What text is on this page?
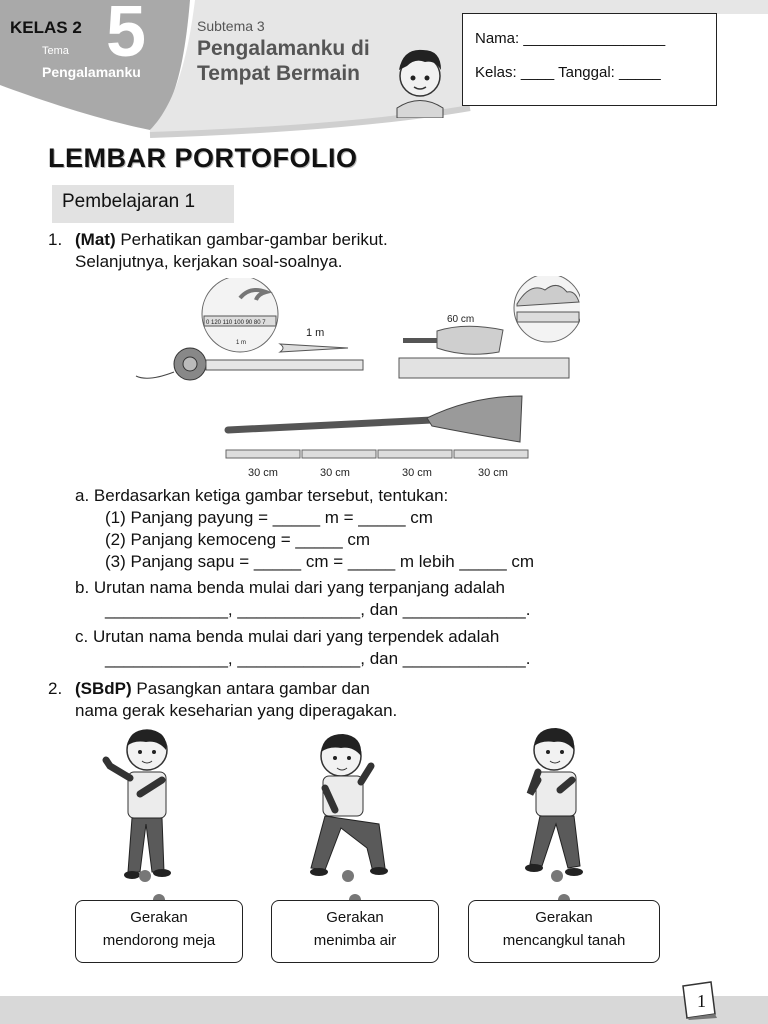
KELAS 2 5
Tema
Pengalamanku
Subtema 3
Pengalamanku di
Tempat Bermain
Nama: _________________
Kelas: ____ Tanggal: _____
LEMBAR PORTOFOLIO
Pembelajaran 1
1. (Mat) Perhatikan gambar-gambar berikut.
Selanjutnya, kerjakan soal-soalnya.
0 120 110 100 90 80 7
1 m
1 m
60 cm
30 cm	30 cm	30 cm	30 cm
a. Berdasarkan ketiga gambar tersebut, tentukan:
(1) Panjang payung = _____ m = _____ cm
(2) Panjang kemoceng = _____ cm
(3) Panjang sapu = _____ cm = _____ m lebih _____ cm
b. Urutan nama benda mulai dari yang terpanjang adalah
_____________, _____________, dan _____________.
c. Urutan nama benda mulai dari yang terpendek adalah
_____________, _____________, dan _____________.
2. (SBdP) Pasangkan antara gambar dan
nama gerak keseharian yang diperagakan.
Gerakan
mendorong meja
Gerakan
menimba air
Gerakan
mencangkul tanah
1
